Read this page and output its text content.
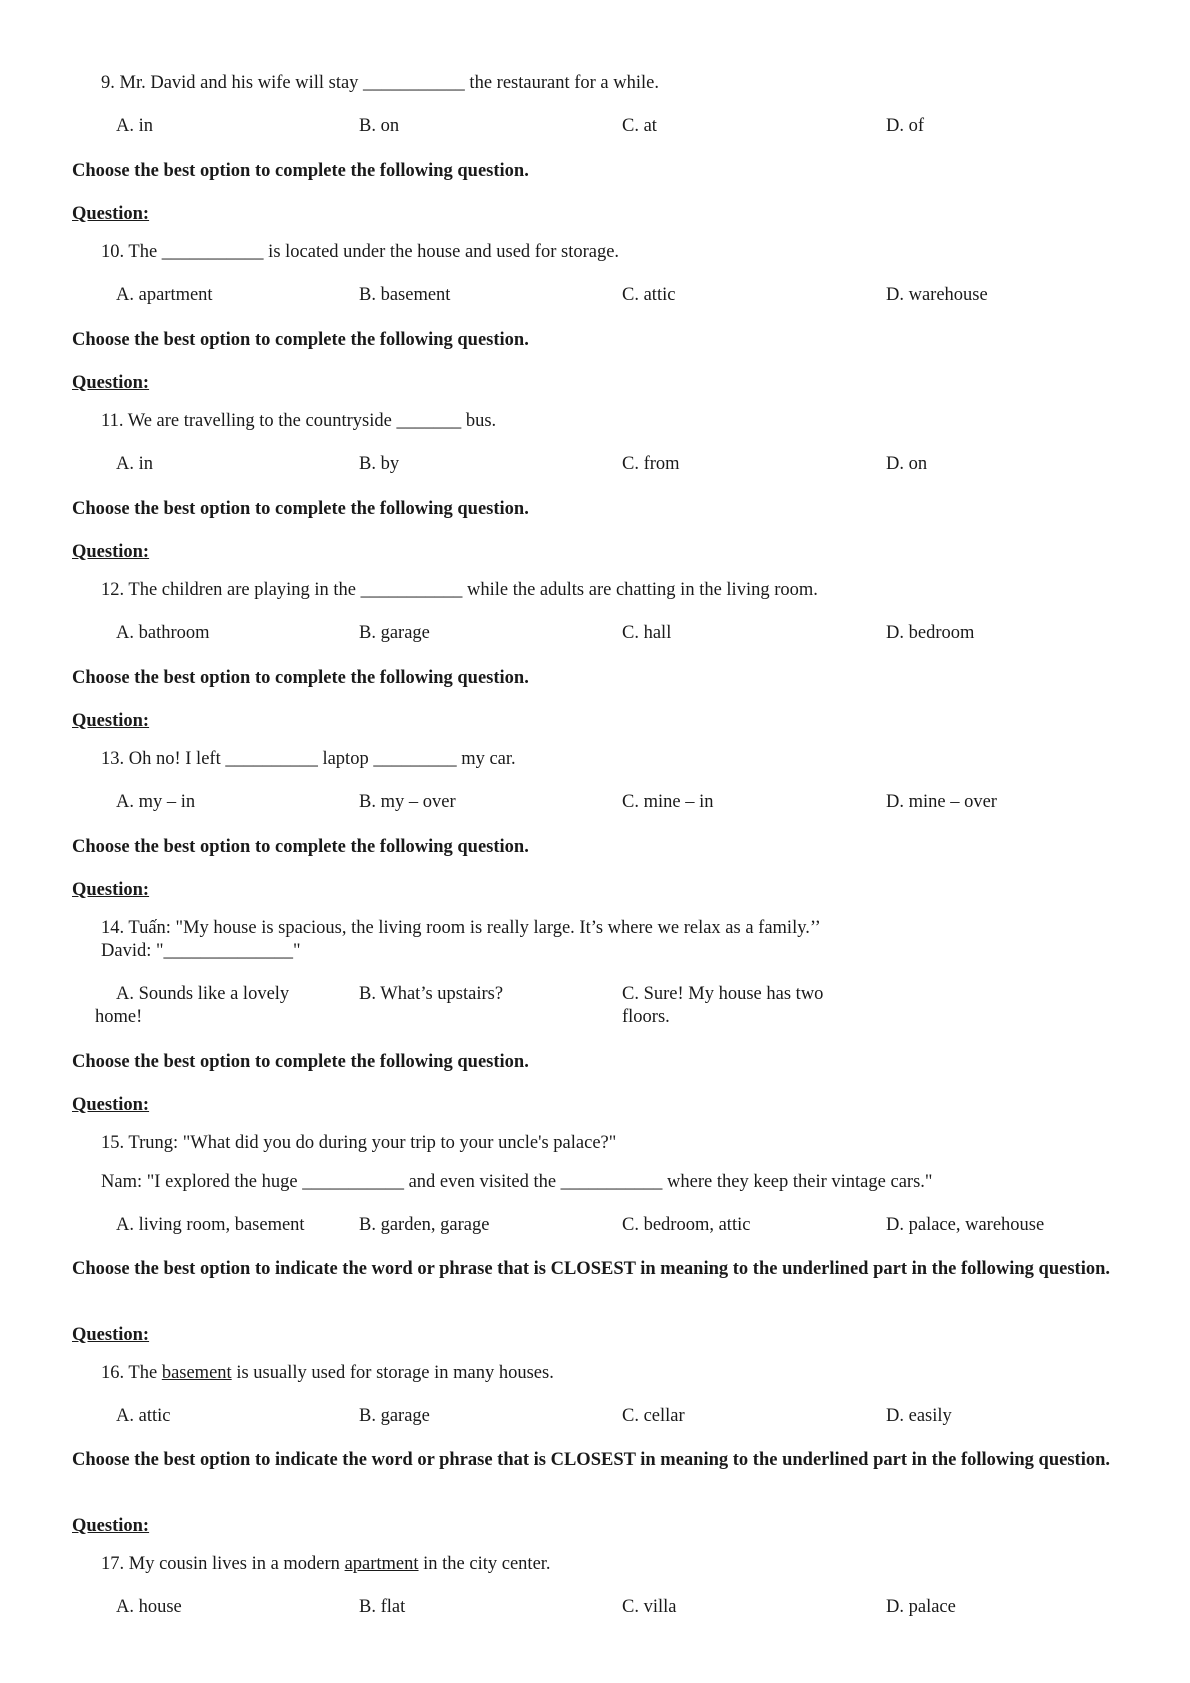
9. Mr. David and his wife will stay ___________ the restaurant for a while.
A. in	B. on	C. at	D. of
Choose the best option to complete the following question.
Question:
10. The ___________ is located under the house and used for storage.
A. apartment	B. basement	C. attic	D. warehouse
Choose the best option to complete the following question.
Question:
11. We are travelling to the countryside _______ bus.
A. in	B. by	C. from	D. on
Choose the best option to complete the following question.
Question:
12. The children are playing in the ___________ while the adults are chatting in the living room.
A. bathroom	B. garage	C. hall	D. bedroom
Choose the best option to complete the following question.
Question:
13. Oh no! I left __________ laptop _________ my car.
A. my – in	B. my – over	C. mine – in	D. mine – over
Choose the best option to complete the following question.
Question:
14. Tuấn: "My house is spacious, the living room is really large. It’s where we relax as a family.’’
David: "______________"
A. Sounds like a lovely
home!
B. What’s upstairs?	C. Sure! My house has two
floors.
Choose the best option to complete the following question.
Question:
15. Trung: "What did you do during your trip to your uncle's palace?"
Nam: "I explored the huge ___________ and even visited the ___________ where they keep their vintage cars."
A. living room, basement	B. garden, garage	C. bedroom, attic	D. palace, warehouse
Choose the best option to indicate the word or phrase that is CLOSEST in meaning to the underlined part in the following question.
Question:
16. The basement is usually used for storage in many houses.
A. attic	B. garage	C. cellar	D. easily
Choose the best option to indicate the word or phrase that is CLOSEST in meaning to the underlined part in the following question.
Question:
17. My cousin lives in a modern apartment in the city center.
A. house	B. flat	C. villa	D. palace
